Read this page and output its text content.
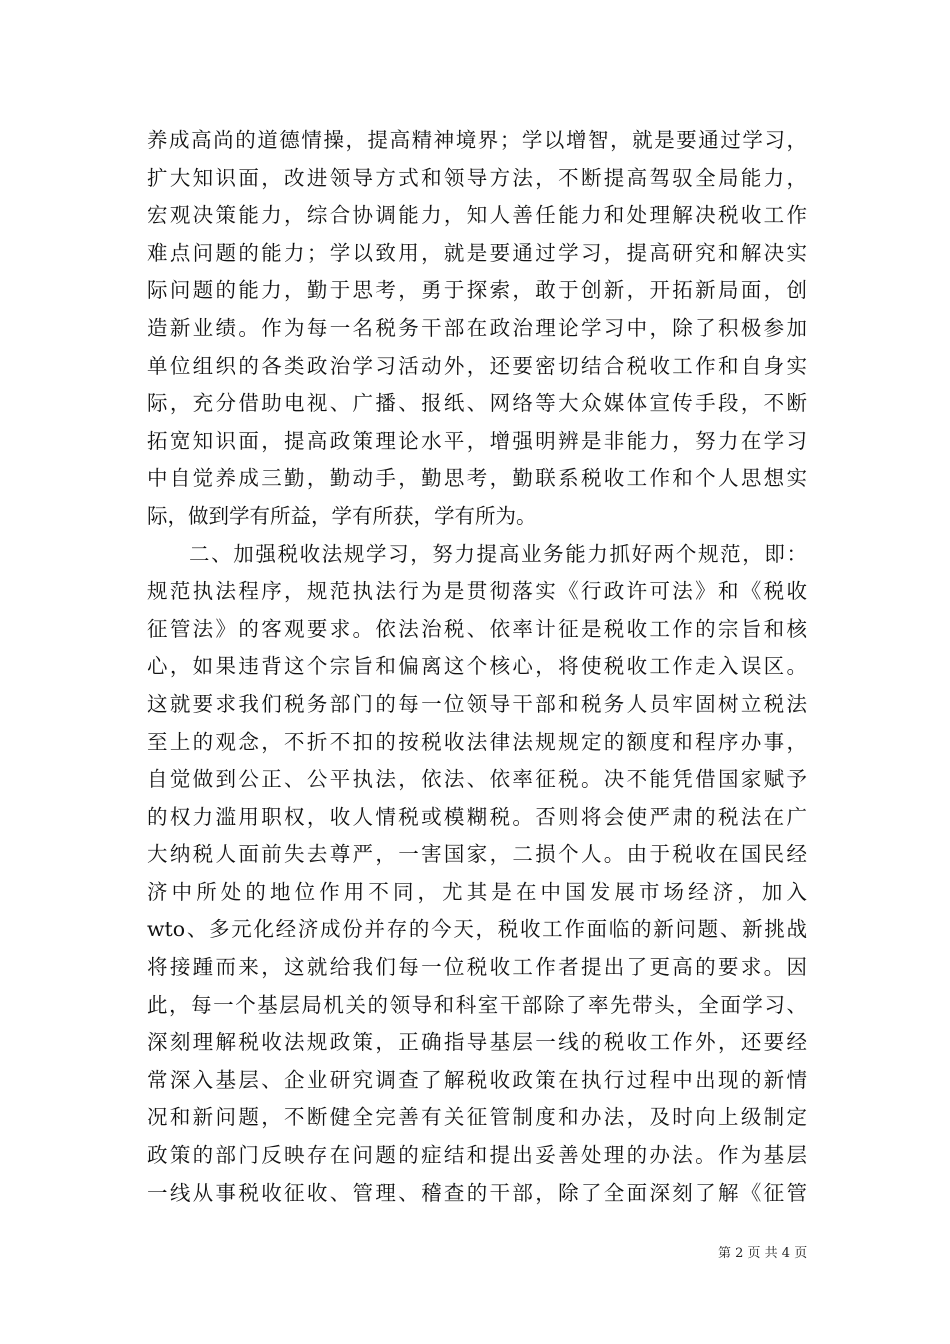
养成高尚的道德情操，提高精神境界；学以增智，就是要通过学习，
扩大知识面，改进领导方式和领导方法，不断提高驾驭全局能力，
宏观决策能力，综合协调能力，知人善任能力和处理解决税收工作
难点问题的能力；学以致用，就是要通过学习，提高研究和解决实
际问题的能力，勤于思考，勇于探索，敢于创新，开拓新局面，创
造新业绩。作为每一名税务干部在政治理论学习中，除了积极参加
单位组织的各类政治学习活动外，还要密切结合税收工作和自身实
际，充分借助电视、广播、报纸、网络等大众媒体宣传手段，不断
拓宽知识面，提高政策理论水平，增强明辨是非能力，努力在学习
中自觉养成三勤，勤动手，勤思考，勤联系税收工作和个人思想实
际，做到学有所益，学有所获，学有所为。
二、加强税收法规学习，努力提高业务能力抓好两个规范，即：
规范执法程序，规范执法行为是贯彻落实《行政许可法》和《税收
征管法》的客观要求。依法治税、依率计征是税收工作的宗旨和核
心，如果违背这个宗旨和偏离这个核心，将使税收工作走入误区。
这就要求我们税务部门的每一位领导干部和税务人员牢固树立税法
至上的观念，不折不扣的按税收法律法规规定的额度和程序办事，
自觉做到公正、公平执法，依法、依率征税。决不能凭借国家赋予
的权力滥用职权，收人情税或模糊税。否则将会使严肃的税法在广
大纳税人面前失去尊严，一害国家，二损个人。由于税收在国民经
济中所处的地位作用不同，尤其是在中国发展市场经济，加入
wto、多元化经济成份并存的今天，税收工作面临的新问题、新挑战
将接踵而来，这就给我们每一位税收工作者提出了更高的要求。因
此，每一个基层局机关的领导和科室干部除了率先带头，全面学习、
深刻理解税收法规政策，正确指导基层一线的税收工作外，还要经
常深入基层、企业研究调查了解税收政策在执行过程中出现的新情
况和新问题，不断健全完善有关征管制度和办法，及时向上级制定
政策的部门反映存在问题的症结和提出妥善处理的办法。作为基层
一线从事税收征收、管理、稽查的干部，除了全面深刻了解《征管
第 2 页 共 4 页
